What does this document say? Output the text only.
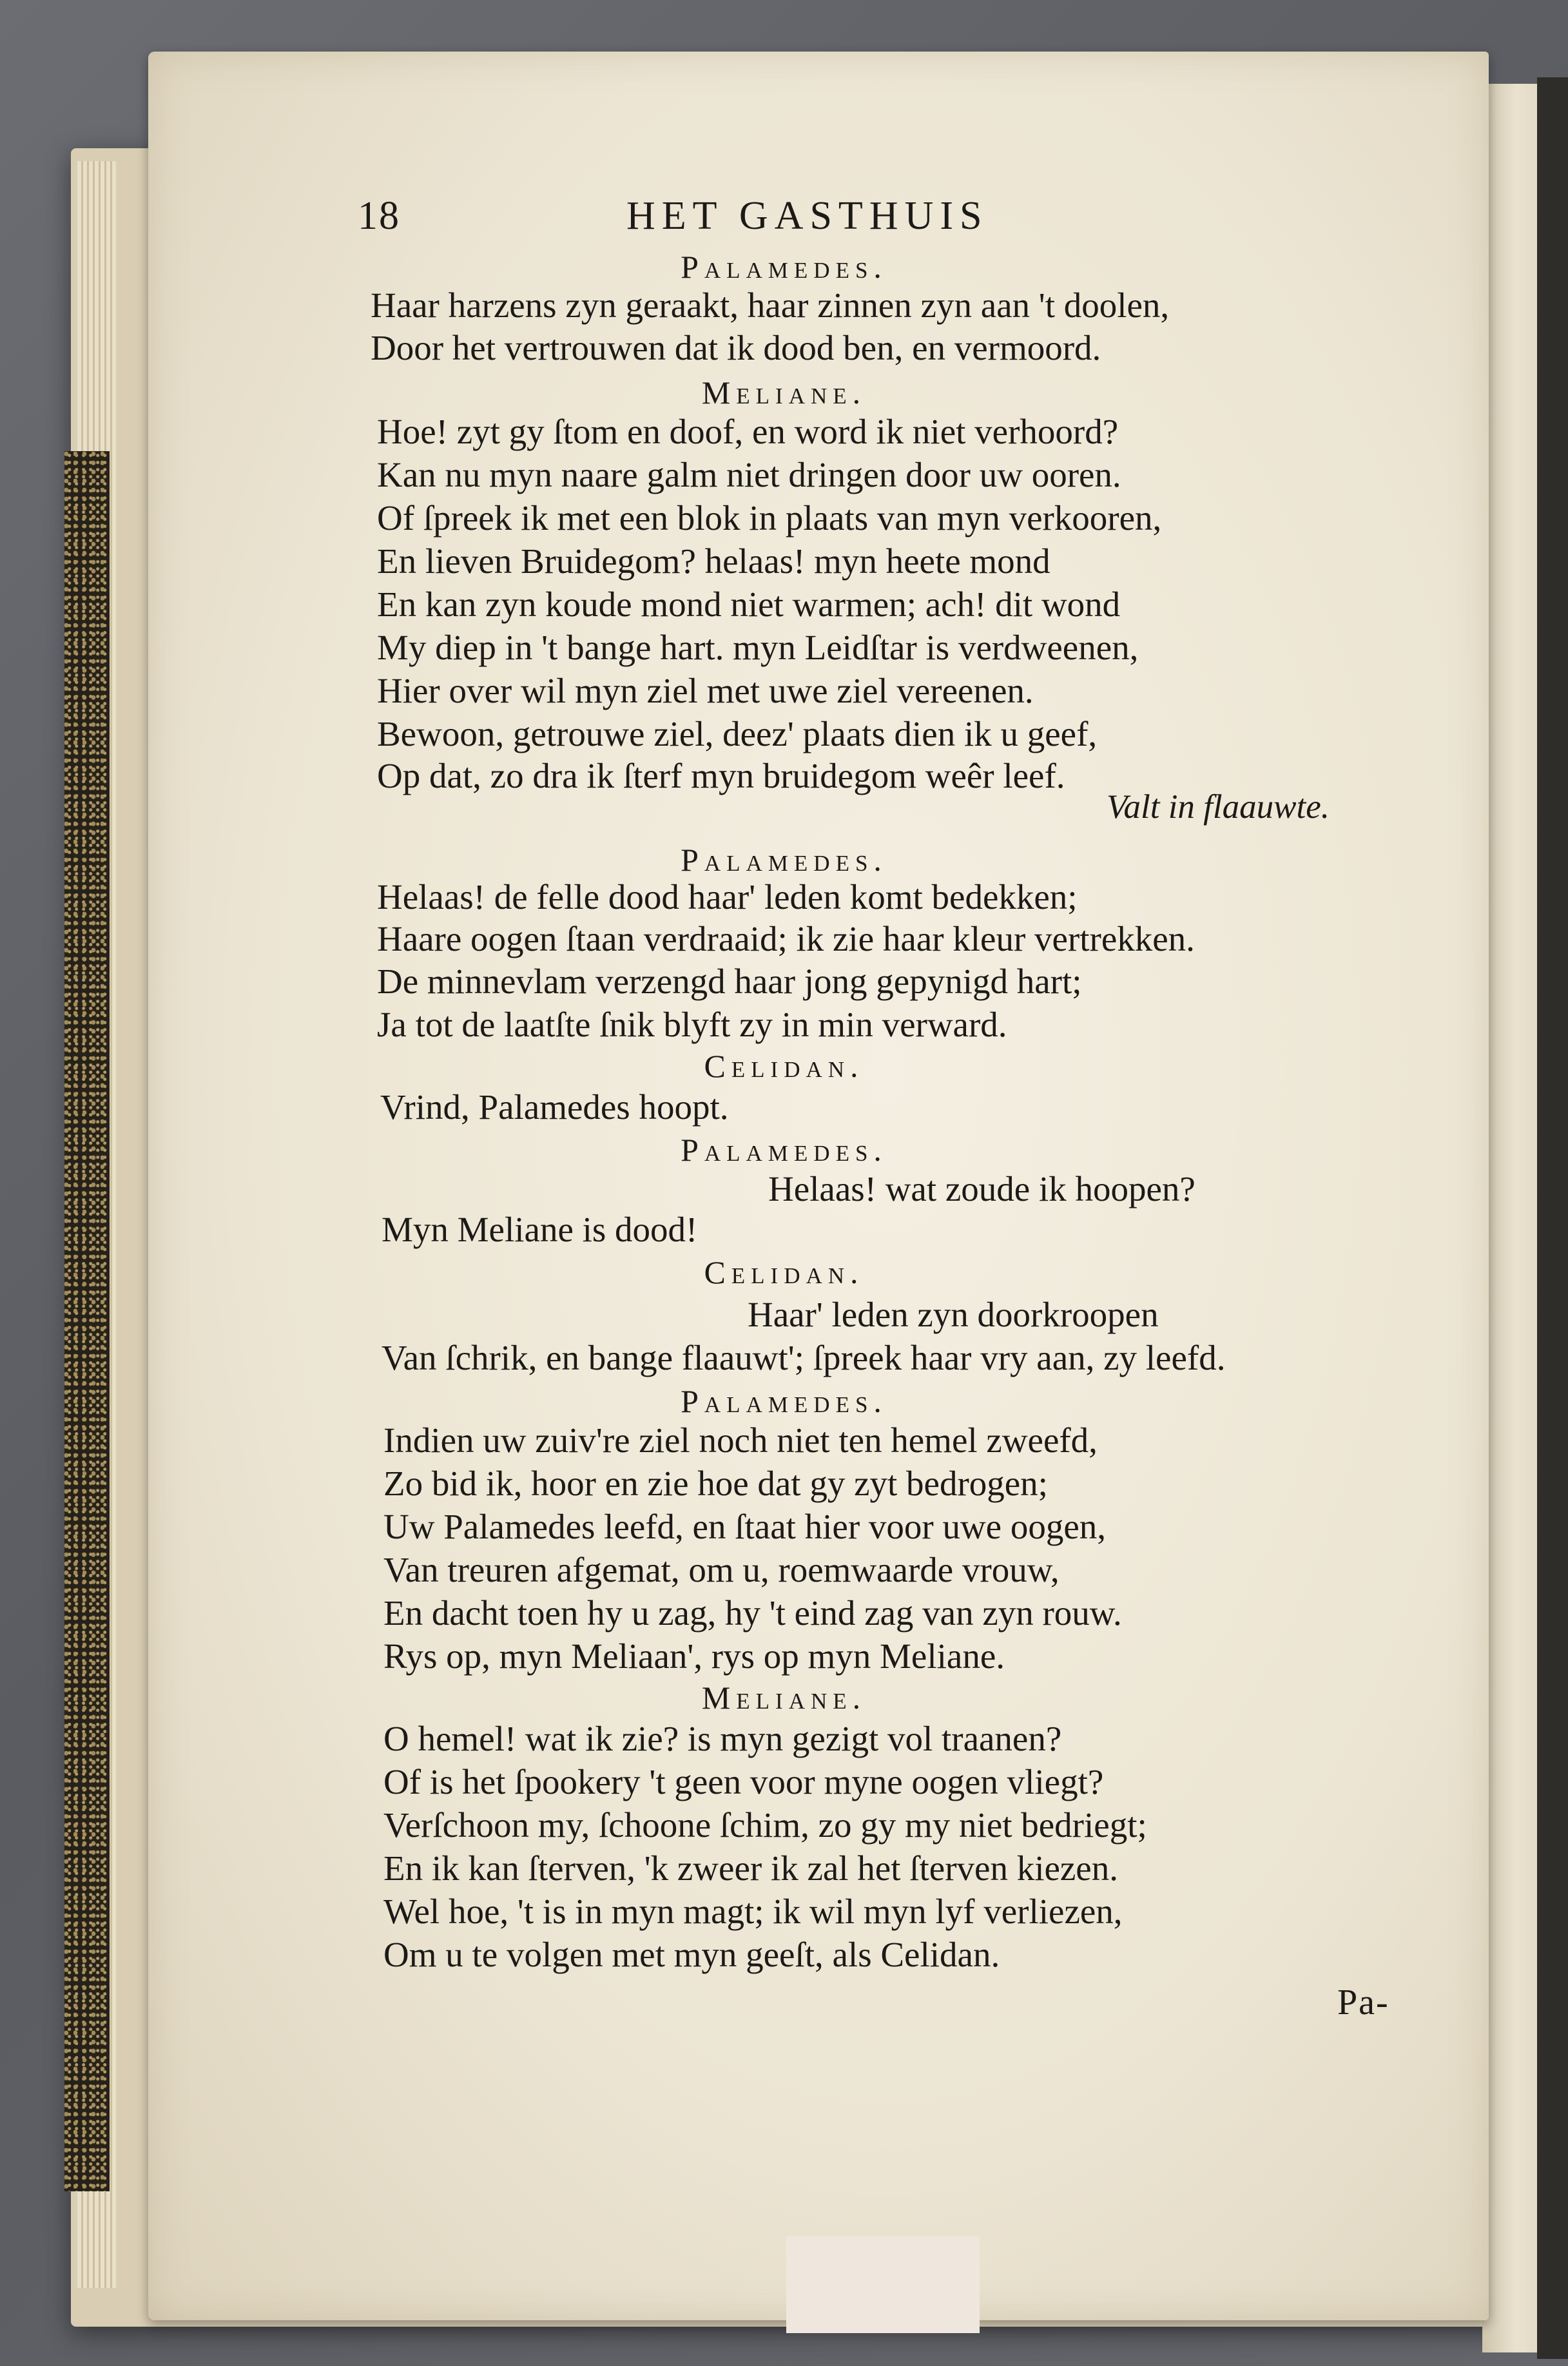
18	HET GASTHUIS
Palamedes.
Haar harzens zyn geraakt, haar zinnen zyn aan 't doolen,
Door het vertrouwen dat ik dood ben, en vermoord.
Meliane.
Hoe! zyt gy ſtom en doof, en word ik niet verhoord?
Kan nu myn naare galm niet dringen door uw ooren.
Of ſpreek ik met een blok in plaats van myn verkooren,
En lieven Bruidegom? helaas! myn heete mond
En kan zyn koude mond niet warmen; ach! dit wond
My diep in 't bange hart. myn Leidſtar is verdweenen,
Hier over wil myn ziel met uwe ziel vereenen.
Bewoon, getrouwe ziel, deez' plaats dien ik u geef,
Op dat, zo dra ik ſterf myn bruidegom weêr leef.
Valt in flaauwte.
Palamedes.
Helaas! de felle dood haar' leden komt bedekken;
Haare oogen ſtaan verdraaid; ik zie haar kleur vertrekken.
De minnevlam verzengd haar jong gepynigd hart;
Ja tot de laatſte ſnik blyft zy in min verward.
Celidan.
Vrind, Palamedes hoopt.
Palamedes.
Helaas! wat zoude ik hoopen?
Myn Meliane is dood!
Celidan.
Haar' leden zyn doorkroopen
Van ſchrik, en bange flaauwt'; ſpreek haar vry aan, zy leefd.
Palamedes.
Indien uw zuiv're ziel noch niet ten hemel zweefd,
Zo bid ik, hoor en zie hoe dat gy zyt bedrogen;
Uw Palamedes leefd, en ſtaat hier voor uwe oogen,
Van treuren afgemat, om u, roemwaarde vrouw,
En dacht toen hy u zag, hy 't eind zag van zyn rouw.
Rys op, myn Meliaan', rys op myn Meliane.
Meliane.
O hemel! wat ik zie? is myn gezigt vol traanen?
Of is het ſpookery 't geen voor myne oogen vliegt?
Verſchoon my, ſchoone ſchim, zo gy my niet bedriegt;
En ik kan ſterven, 'k zweer ik zal het ſterven kiezen.
Wel hoe, 't is in myn magt; ik wil myn lyf verliezen,
Om u te volgen met myn geeſt, als Celidan.
Pa-
